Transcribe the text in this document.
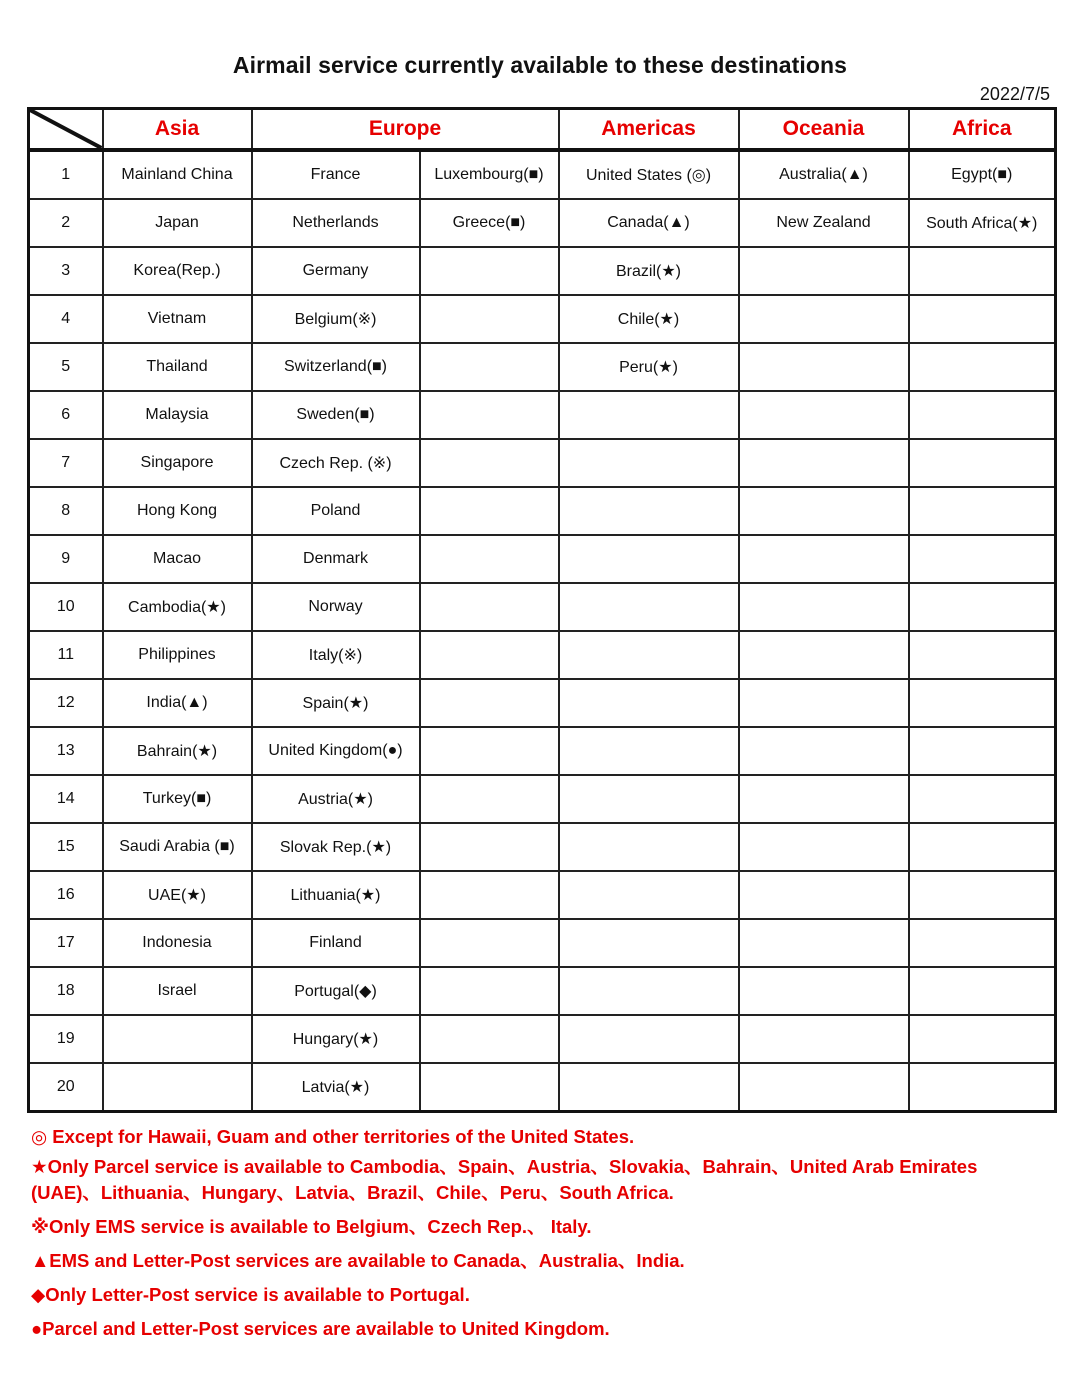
Airmail service currently available to these destinations
2022/7/5
	Asia	Europe		Americas	Oceania	Africa
1	Mainland China	France	Luxembourg(■)	United States (◎)	Australia(▲)	Egypt(■)
2	Japan	Netherlands	Greece(■)	Canada(▲)	New Zealand	South Africa(★)
3	Korea(Rep.)	Germany		Brazil(★)		
4	Vietnam	Belgium(※)		Chile(★)		
5	Thailand	Switzerland(■)		Peru(★)		
6	Malaysia	Sweden(■)				
7	Singapore	Czech Rep. (※)				
8	Hong Kong	Poland				
9	Macao	Denmark				
10	Cambodia(★)	Norway				
11	Philippines	Italy(※)				
12	India(▲)	Spain(★)				
13	Bahrain(★)	United Kingdom(●)				
14	Turkey(■)	Austria(★)				
15	Saudi Arabia (■)	Slovak Rep.(★)				
16	UAE(★)	Lithuania(★)				
17	Indonesia	Finland				
18	Israel	Portugal(◆)				
19		Hungary(★)				
20		Latvia(★)				
◎ Except for Hawaii, Guam and other territories of the United States.
★Only Parcel service is available to Cambodia、Spain、Austria、Slovakia、Bahrain、United Arab Emirates (UAE)、Lithuania、Hungary、Latvia、Brazil、Chile、Peru、South Africa.
※Only EMS service is available to Belgium、Czech Rep.、 Italy.
▲EMS and Letter-Post services are available to Canada、Australia、India.
◆Only Letter-Post service is available to Portugal.
●Parcel and Letter-Post services are available to United Kingdom.
